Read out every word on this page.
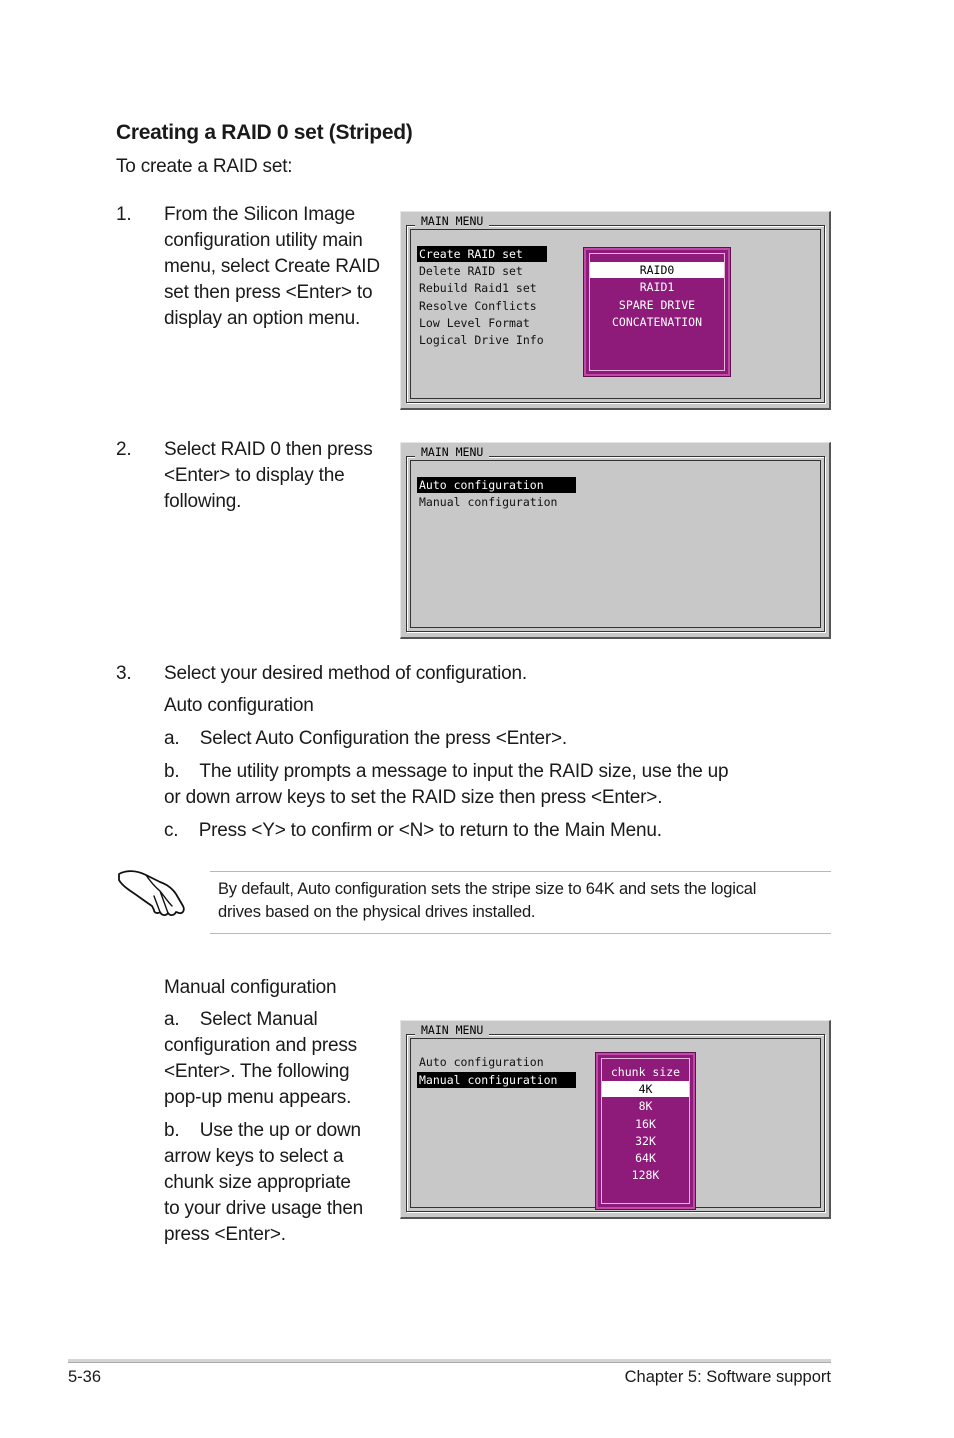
Creating a RAID 0 set (Striped)
To create a RAID set:
1.	From the Silicon Image
configuration utility main
menu, select Create RAID
set then press <Enter> to
display an option menu.
MAIN MENU
Create RAID set
Delete RAID set
Rebuild Raid1 set
Resolve Conflicts
Low Level Format
Logical Drive Info
RAID0
RAID1
SPARE DRIVE
CONCATENATION
2.	Select RAID 0 then press
<Enter> to display the
following.
MAIN MENU
Auto configuration
Manual configuration
3.	Select your desired method of configuration.
Auto configuration
a.    Select Auto Configuration the press <Enter>.
b.    The utility prompts a message to input the RAID size, use the up
or down arrow keys to set the RAID size then press <Enter>.
c.    Press <Y> to confirm or <N> to return to the Main Menu.
By default, Auto configuration sets the stripe size to 64K and sets the logical
drives based on the physical drives installed.
Manual configuration
a.    Select Manual
configuration and press
<Enter>. The following
pop-up menu appears.
b.    Use the up or down
arrow keys to select a
chunk size appropriate
to your drive usage then
press <Enter>.
MAIN MENU
Auto configuration
Manual configuration
chunk size
4K
8K
16K
32K
64K
128K
5-36	Chapter 5: Software support
